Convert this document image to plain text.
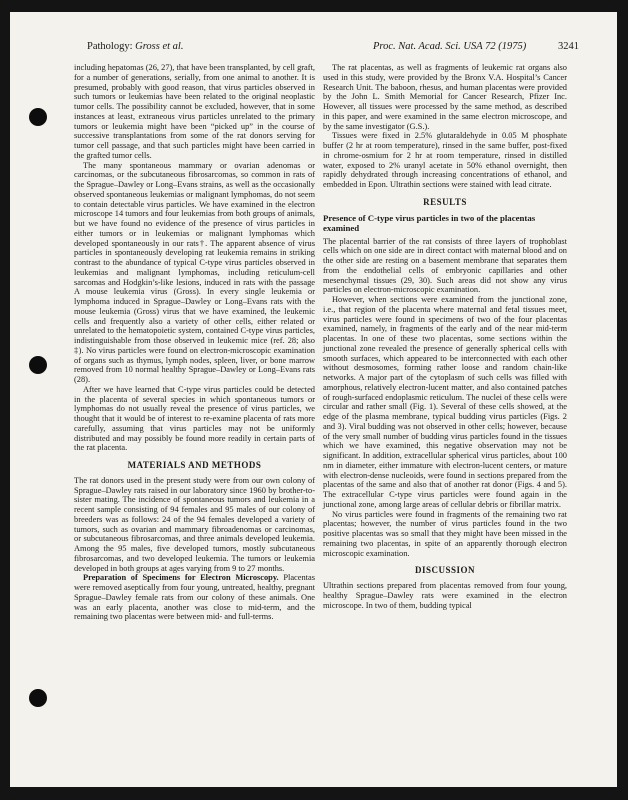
Pathology: Gross et al.	Proc. Nat. Acad. Sci. USA 72 (1975)	3241

including hepatomas (26, 27), that have been transplanted, by cell graft, for a number of generations, serially, from one animal to another. It is presumed, probably with good reason, that virus particles observed in such tumors or leukemias have been related to the original neoplastic tumor cells. The possibility cannot be excluded, however, that in some instances at least, extraneous virus particles unrelated to the primary tumors or leukemia might have been “picked up” in the course of successive transplantations from some of the rat donors serving for tumor cell passage, and that such particles might have been carried in the grafted tumor cells.

The many spontaneous mammary or ovarian adenomas or carcinomas, or the subcutaneous fibrosarcomas, so common in rats of the Sprague–Dawley or Long–Evans strains, as well as the occasionally observed spontaneous leukemias or malignant lymphomas, do not seem to contain detectable virus particles. We have examined in the electron microscope 14 tumors and four leukemias from both groups of animals, but we have found no evidence of the presence of virus particles in either tumors or in leukemias or malignant lymphomas which developed spontaneously in our rats†. The apparent absence of virus particles in spontaneously developing rat leukemia remains in striking contrast to the abundance of typical C-type virus particles observed in leukemias and malignant lymphomas, including reticulum-cell sarcomas and Hodgkin’s-like lesions, induced in rats with the passage A mouse leukemia virus (Gross). In every single leukemia or lymphoma induced in Sprague–Dawley or Long–Evans rats with the mouse leukemia (Gross) virus that we have examined, the leukemic cells and frequently also a variety of other cells, either related or unrelated to the hematopoietic system, contained C-type virus particles, indistinguishable from those observed in leukemic mice (ref. 28; also ‡). No virus particles were found on electron-microscopic examination of organs such as thymus, lymph nodes, spleen, liver, or bone marrow removed from 10 normal healthy Sprague–Dawley or Long–Evans rats (28).

After we have learned that C-type virus particles could be detected in the placenta of several species in which spontaneous tumors or lymphomas do not usually reveal the presence of virus particles, we thought that it would be of interest to re-examine placenta of rats more carefully, assuming that virus particles may not be uniformly distributed and may possibly be found more readily in certain parts of the rat placenta.

MATERIALS AND METHODS

The rat donors used in the present study were from our own colony of Sprague–Dawley rats raised in our laboratory since 1960 by brother-to-sister mating. The incidence of spontaneous tumors and leukemia in a recent sample consisting of 94 females and 95 males of our colony of breeders was as follows: 24 of the 94 females developed a variety of tumors, such as ovarian and mammary fibroadenomas or carcinomas, or subcutaneous fibrosarcomas, and three animals developed leukemia. Among the 95 males, five developed tumors, mostly subcutaneous fibrosarcomas, and two developed leukemia. The tumors or leukemia developed in both groups at ages varying from 9 to 27 months.

Preparation of Specimens for Electron Microscopy. Placentas were removed aseptically from four young, untreated, healthy, pregnant Sprague–Dawley female rats from our colony of these animals. One was an early placenta, another was close to mid-term, and the remaining two placentas were between mid- and full-terms.

The rat placentas, as well as fragments of leukemic rat organs also used in this study, were provided by the Bronx V.A. Hospital’s Cancer Research Unit. The baboon, rhesus, and human placentas were provided by the John L. Smith Memorial for Cancer Research, Pfizer Inc. However, all tissues were processed by the same method, as described in this paper, and were examined in the same electron microscope, and by the same investigator (G.S.).

Tissues were fixed in 2.5% glutaraldehyde in 0.05 M phosphate buffer (2 hr at room temperature), rinsed in the same buffer, post-fixed in chrome-osmium for 2 hr at room temperature, rinsed in distilled water, exposed to 2% uranyl acetate in 50% ethanol overnight, then rapidly dehydrated through increasing concentrations of ethanol, and embedded in Epon. Ultrathin sections were stained with lead citrate.

RESULTS
Presence of C-type virus particles in two of the placentas examined

The placental barrier of the rat consists of three layers of trophoblast cells which on one side are in direct contact with maternal blood and on the other side are resting on a basement membrane that separates them from the endothelial cells of embryonic capillaries and other mesenchymal tissues (29, 30). Such areas did not show any virus particles on electron-microscopic examination.

However, when sections were examined from the junctional zone, i.e., that region of the placenta where maternal and fetal tissues meet, virus particles were found in specimens of two of the four placentas examined, namely, in fragments of the early and of the near mid-term placentas. In one of these two placentas, some sections within the junctional zone revealed the presence of generally spherical cells with smooth surfaces, which appeared to be interconnected with each other without desmosomes, forming rather loose and random chain-like networks. A major part of the cytoplasm of such cells was filled with amorphous, relatively electron-lucent matter, and also contained patches of rough-surfaced endoplasmic reticulum. The nuclei of these cells were circular and rather small (Fig. 1). Several of these cells showed, at the edge of the plasma membrane, typical budding virus particles (Figs. 2 and 3). Viral budding was not observed in other cells; however, because of the very small number of budding virus particles found in the tissues which we have examined, this negative observation may not be significant. In addition, extracellular spherical virus particles, about 100 nm in diameter, either immature with electron-lucent centers, or mature with electron-dense nucleoids, were found in sections prepared from the placentas of the same and also that of another rat donor (Figs. 4 and 5). The extracellular C-type virus particles were found again in the junctional zone, among large areas of cellular debris or fibrillar matrix.

No virus particles were found in fragments of the remaining two rat placentas; however, the number of virus particles found in the two positive placentas was so small that they might have been missed in the remaining two placentas, in spite of an apparently thorough electron microscopic examination.

DISCUSSION

Ultrathin sections prepared from placentas removed from four young, healthy Sprague–Dawley rats were examined in the electron microscope. In two of them, budding typical
